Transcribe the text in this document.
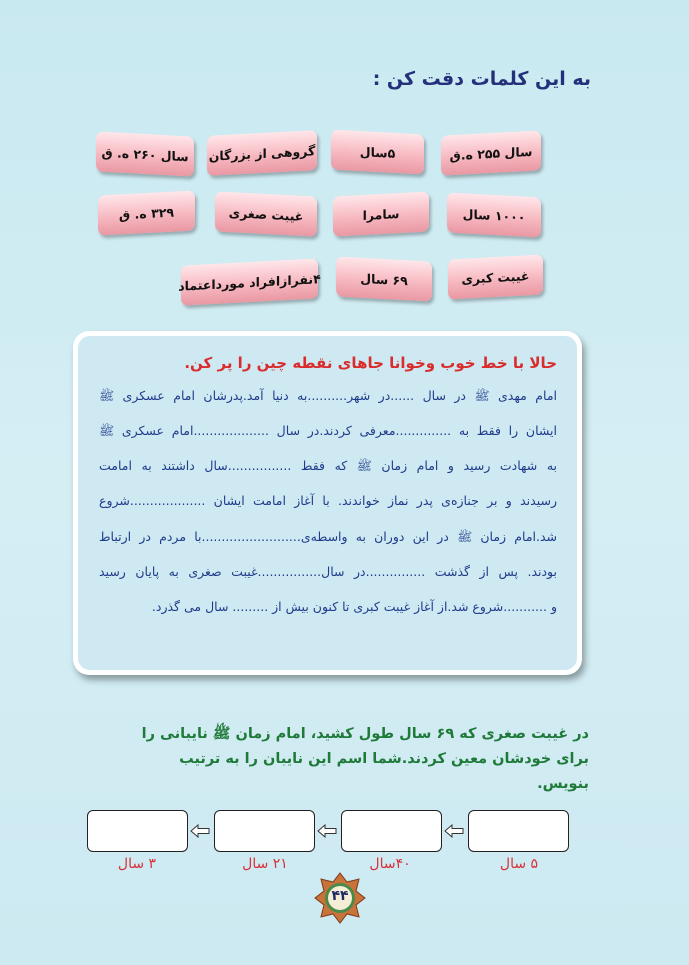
به این کلمات دقت کن :
سال ۲۵۵ ه.ق
۵سال
گروهی از بزرگان
سال ۲۶۰ ه. ق
۱۰۰۰ سال
سامرا
غیبت صغری
۳۲۹ ه. ق
غیبت کبری
۶۹ سال
۴نفرازافراد مورداعتماد
حالا با خط خوب وخوانا جاهای نقطه چین را پر کن.
امام مهدی ﷺ در سال ......در شهر..........به دنیا آمد.پدرشان امام عسکری ﷺ
ایشان را فقط به ..............معرفی کردند.در سال ...................امام عسکری ﷺ
به شهادت رسید و امام زمان ﷺ که فقط ................سال داشتند به امامت
رسیدند و بر جنازه‌ی پدر نماز خواندند. با آغاز امامت ایشان ...................شروع
شد.امام زمان ﷺ در این دوران به واسطه‌ی.........................با مردم در ارتباط
بودند. پس از گذشت ...............در سال................غیبت صغری به پایان رسید
و ...........شروع شد.از آغاز غیبت کبری تا کنون بیش از ......... سال می گذرد.
در غیبت صغری که ۶۹ سال طول کشید، امام زمان ﷺ نایبانی را برای خودشان معین کردند.شما اسم این نایبان را به ترتیب بنویس.
۵ سال
۴۰سال
۲۱ سال
۳ سال
۴۴
